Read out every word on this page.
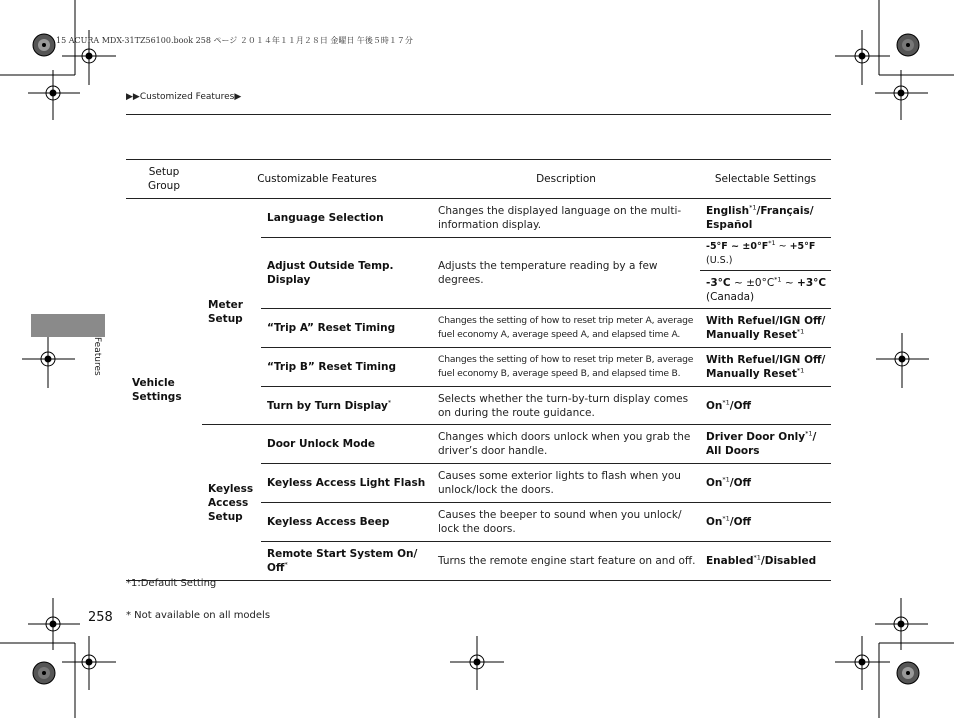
15 ACURA MDX-31TZ56100.book 258 ページ ２０１４年１１月２８日 金曜日 午後５時１７分
▶▶Customized Features▶
Features
Setup Group	Customizable Features		Description	Selectable Settings
Vehicle Settings	Meter Setup	Language Selection	Changes the displayed language on the multi-information display.	English$^{*1}$/Français/
Español
		Adjust Outside Temp. Display	Adjusts the temperature reading by a few degrees.	-5°F ~ $\pm 0^\circ F^{*1}$ ~ +5°F (U.S.)
				-3°C ~ $\pm 0^\circ C^{*1}$ ~ +3°C
(Canada)
		“Trip A” Reset Timing	Changes the setting of how to reset trip meter A, average fuel economy A, average speed A, and elapsed time A.	With Refuel/IGN Off/
Manually Reset$^{*1}$
		“Trip B” Reset Timing	Changes the setting of how to reset trip meter B, average fuel economy B, average speed B, and elapsed time B.	With Refuel/IGN Off/
Manually Reset$^{*1}$
		Turn by Turn Display*	Selects whether the turn-by-turn display comes on during the route guidance.	On$^{*1}$/Off
	Keyless Access Setup	Door Unlock Mode	Changes which doors unlock when you grab the driver’s door handle.	Driver Door Only$^{*1}$/
All Doors
		Keyless Access Light Flash	Causes some exterior lights to flash when you unlock/lock the doors.	On$^{*1}$/Off
		Keyless Access Beep	Causes the beeper to sound when you unlock/ lock the doors.	On$^{*1}$/Off
		Remote Start System On/ Off*	Turns the remote engine start feature on and off.	Enabled$^{*1}$/Disabled
*1:Default Setting
258 * Not available on all models
